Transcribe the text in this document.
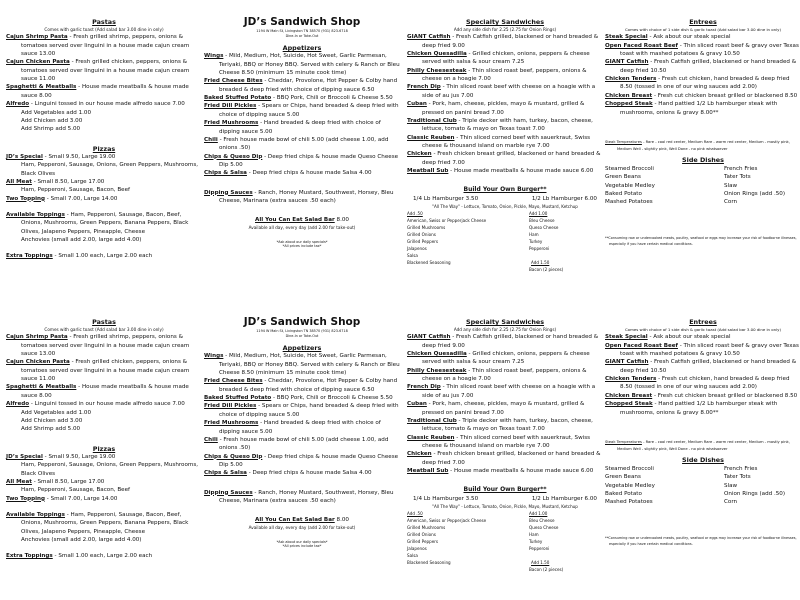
Pastas
Comes with garlic toast (Add salad bar 3.00 dine in only)
Cajun Shrimp Pasta - Fresh grilled shrimp, peppers, onions & tomatoes served over linguini in a house made cajun cream sauce 13.00
Cajun Chicken Pasta - Fresh grilled chicken, peppers, onions & tomatoes served over linguini in a house made cajun cream sauce 11.00
Spaghetti & Meatballs - House made meatballs & house made sauce 8.00
Alfredo - Linguini tossed in our house made alfredo sauce 7.00
Add Vegetables add 1.00
Add Chicken add 3.00
Add Shrimp add 5.00
Pizzas
JD’s Special - Small 9.50, Large 19.00
Ham, Pepperoni, Sausage, Onions, Green Peppers, Mushrooms, Black Olives
All Meat - Small 8.50, Large 17.00
Ham, Pepperoni, Sausage, Bacon, Beef
Two Topping - Small 7.00, Large 14.00
Available Toppings - Ham, Pepperoni, Sausage, Bacon, Beef, Onions, Mushrooms, Green Peppers, Banana Peppers, Black Olives, Jalapeno Peppers, Pineapple, Cheese
Anchovies (small add 2.00, large add 4.00)
Extra Toppings - Small 1.00 each, Large 2.00 each
JD’s Sandwich Shop
1194 W Main St, Livingston TN 38570 (931) 823-6718
Dine-In or Take-Out
Appetizers
Wings - Mild, Medium, Hot, Suicide, Hot Sweet, Garlic Parmesan, Teriyaki, BBQ or Honey BBQ. Served with celery & Ranch or Bleu Cheese 8.50 (minimum 15 minute cook time)
Fried Cheese Bites - Cheddar, Provolone, Hot Pepper & Colby hand breaded & deep fried with choice of dipping sauce 6.50
Baked Stuffed Potato - BBQ Pork, Chili or Broccoli & Cheese 5.50
Fried Dill Pickles - Spears or Chips, hand breaded & deep fried with choice of dipping sauce 5.00
Fried Mushrooms - Hand breaded & deep fried with choice of dipping sauce 5.00
Chili - Fresh house made bowl of chili 5.00 (add cheese 1.00, add onions .50)
Chips & Queso Dip - Deep fried chips & house made Queso Cheese Dip 5.00
Chips & Salsa - Deep fried chips & house made Salsa 4.00
Dipping Sauces - Ranch, Honey Mustard, Southwest, Horsey, Bleu Cheese, Marinara (extra sauces .50 each)
All You Can Eat Salad Bar 8.00
Available all day, every day (add 2.00 for take-out)
*Ask about our daily specials*
*All prices include tax*
Specialty Sandwiches
Add any side dish for 2.25 (2.75 for Onion Rings)
GIANT Catfish - Fresh Catfish grilled, blackened or hand breaded & deep fried 9.00
Chicken Quesadilla - Grilled chicken, onions, peppers & cheese served with salsa & sour cream 7.25
Philly Cheesesteak - Thin sliced roast beef, peppers, onions & cheese on a hoagie 7.00
French Dip - Thin sliced roast beef with cheese on a hoagie with a side of au jus 7.00
Cuban - Pork, ham, cheese, pickles, mayo & mustard, grilled & pressed on panini bread 7.00
Traditional Club - Triple decker with ham, turkey, bacon, cheese, lettuce, tomato & mayo on Texas toast 7.00
Classic Reuben - Thin sliced corned beef with sauerkraut, Swiss cheese & thousand island on marble rye 7.00
Chicken - Fresh chicken breast grilled, blackened or hand breaded & deep fried 7.00
Meatball Sub - House made meatballs & house made sauce 6.00
Build Your Own Burger**
1/4 Lb Hamburger 3.50	1/2 Lb Hamburger 6.00
"All The Way" - Lettuce, Tomato, Onion, Pickle, Mayo, Mustard, Ketchup
Add .50
American, Swiss or Pepperjack Cheese
Grilled Mushrooms
Grilled Onions
Grilled Peppers
Jalapenos
Salsa
Blackened Seasoning
Add 1.00
Bleu Cheese
Queso Cheese
Ham
Turkey
Pepperoni
Add 1.50
Bacon (2 pieces)
Entrees
Comes with choice of 1 side dish & garlic toast (Add salad bar 3.00 dine in only)
Steak Special - Ask about our steak special
Open Faced Roast Beef - Thin sliced roast beef & gravy over Texas toast with mashed potatoes & gravy 10.50
GIANT Catfish - Fresh Catfish grilled, blackened or hand breaded & deep fried 10.50
Chicken Tenders - Fresh cut chicken, hand breaded & deep fried 8.50 (tossed in one of our wing sauces add 2.00)
Chicken Breast - Fresh cut chicken breast grilled or blackened 8.50
Chopped Steak - Hand pattied 1/2 Lb hamburger steak with mushrooms, onions & gravy 8.00**
Steak Temperatures - Rare - cool red center, Medium Rare - warm red center, Medium - mostly pink, Medium Well - slightly pink, Well Done - no pink whatsoever
Side Dishes
Steamed Broccoli
Green Beans
Vegetable Medley
Baked Potato
Mashed Potatoes
French Fries
Tater Tots
Slaw
Onion Rings (add .50)
Corn
**Consuming raw or undercooked meats, poultry, seafood or eggs may increase your risk of foodborne illnesses, especially if you have certain medical conditions.
Pastas
Comes with garlic toast (Add salad bar 3.00 dine in only)
Cajun Shrimp Pasta - Fresh grilled shrimp, peppers, onions & tomatoes served over linguini in a house made cajun cream sauce 13.00
Cajun Chicken Pasta - Fresh grilled chicken, peppers, onions & tomatoes served over linguini in a house made cajun cream sauce 11.00
Spaghetti & Meatballs - House made meatballs & house made sauce 8.00
Alfredo - Linguini tossed in our house made alfredo sauce 7.00
Add Vegetables add 1.00
Add Chicken add 3.00
Add Shrimp add 5.00
Pizzas
JD’s Special - Small 9.50, Large 19.00
Ham, Pepperoni, Sausage, Onions, Green Peppers, Mushrooms, Black Olives
All Meat - Small 8.50, Large 17.00
Ham, Pepperoni, Sausage, Bacon, Beef
Two Topping - Small 7.00, Large 14.00
Available Toppings - Ham, Pepperoni, Sausage, Bacon, Beef, Onions, Mushrooms, Green Peppers, Banana Peppers, Black Olives, Jalapeno Peppers, Pineapple, Cheese
Anchovies (small add 2.00, large add 4.00)
Extra Toppings - Small 1.00 each, Large 2.00 each
JD’s Sandwich Shop
1194 W Main St, Livingston TN 38570 (931) 823-6718
Dine-In or Take-Out
Appetizers
Wings - Mild, Medium, Hot, Suicide, Hot Sweet, Garlic Parmesan, Teriyaki, BBQ or Honey BBQ. Served with celery & Ranch or Bleu Cheese 8.50 (minimum 15 minute cook time)
Fried Cheese Bites - Cheddar, Provolone, Hot Pepper & Colby hand breaded & deep fried with choice of dipping sauce 6.50
Baked Stuffed Potato - BBQ Pork, Chili or Broccoli & Cheese 5.50
Fried Dill Pickles - Spears or Chips, hand breaded & deep fried with choice of dipping sauce 5.00
Fried Mushrooms - Hand breaded & deep fried with choice of dipping sauce 5.00
Chili - Fresh house made bowl of chili 5.00 (add cheese 1.00, add onions .50)
Chips & Queso Dip - Deep fried chips & house made Queso Cheese Dip 5.00
Chips & Salsa - Deep fried chips & house made Salsa 4.00
Dipping Sauces - Ranch, Honey Mustard, Southwest, Horsey, Bleu Cheese, Marinara (extra sauces .50 each)
All You Can Eat Salad Bar 8.00
Available all day, every day (add 2.00 for take-out)
*Ask about our daily specials*
*All prices include tax*
Specialty Sandwiches
Add any side dish for 2.25 (2.75 for Onion Rings)
GIANT Catfish - Fresh Catfish grilled, blackened or hand breaded & deep fried 9.00
Chicken Quesadilla - Grilled chicken, onions, peppers & cheese served with salsa & sour cream 7.25
Philly Cheesesteak - Thin sliced roast beef, peppers, onions & cheese on a hoagie 7.00
French Dip - Thin sliced roast beef with cheese on a hoagie with a side of au jus 7.00
Cuban - Pork, ham, cheese, pickles, mayo & mustard, grilled & pressed on panini bread 7.00
Traditional Club - Triple decker with ham, turkey, bacon, cheese, lettuce, tomato & mayo on Texas toast 7.00
Classic Reuben - Thin sliced corned beef with sauerkraut, Swiss cheese & thousand island on marble rye 7.00
Chicken - Fresh chicken breast grilled, blackened or hand breaded & deep fried 7.00
Meatball Sub - House made meatballs & house made sauce 6.00
Build Your Own Burger**
1/4 Lb Hamburger 3.50	1/2 Lb Hamburger 6.00
"All The Way" - Lettuce, Tomato, Onion, Pickle, Mayo, Mustard, Ketchup
Add .50
American, Swiss or Pepperjack Cheese
Grilled Mushrooms
Grilled Onions
Grilled Peppers
Jalapenos
Salsa
Blackened Seasoning
Add 1.00
Bleu Cheese
Queso Cheese
Ham
Turkey
Pepperoni
Add 1.50
Bacon (2 pieces)
Entrees
Comes with choice of 1 side dish & garlic toast (Add salad bar 3.00 dine in only)
Steak Special - Ask about our steak special
Open Faced Roast Beef - Thin sliced roast beef & gravy over Texas toast with mashed potatoes & gravy 10.50
GIANT Catfish - Fresh Catfish grilled, blackened or hand breaded & deep fried 10.50
Chicken Tenders - Fresh cut chicken, hand breaded & deep fried 8.50 (tossed in one of our wing sauces add 2.00)
Chicken Breast - Fresh cut chicken breast grilled or blackened 8.50
Chopped Steak - Hand pattied 1/2 Lb hamburger steak with mushrooms, onions & gravy 8.00**
Steak Temperatures - Rare - cool red center, Medium Rare - warm red center, Medium - mostly pink, Medium Well - slightly pink, Well Done - no pink whatsoever
Side Dishes
Steamed Broccoli
Green Beans
Vegetable Medley
Baked Potato
Mashed Potatoes
French Fries
Tater Tots
Slaw
Onion Rings (add .50)
Corn
**Consuming raw or undercooked meats, poultry, seafood or eggs may increase your risk of foodborne illnesses, especially if you have certain medical conditions.
